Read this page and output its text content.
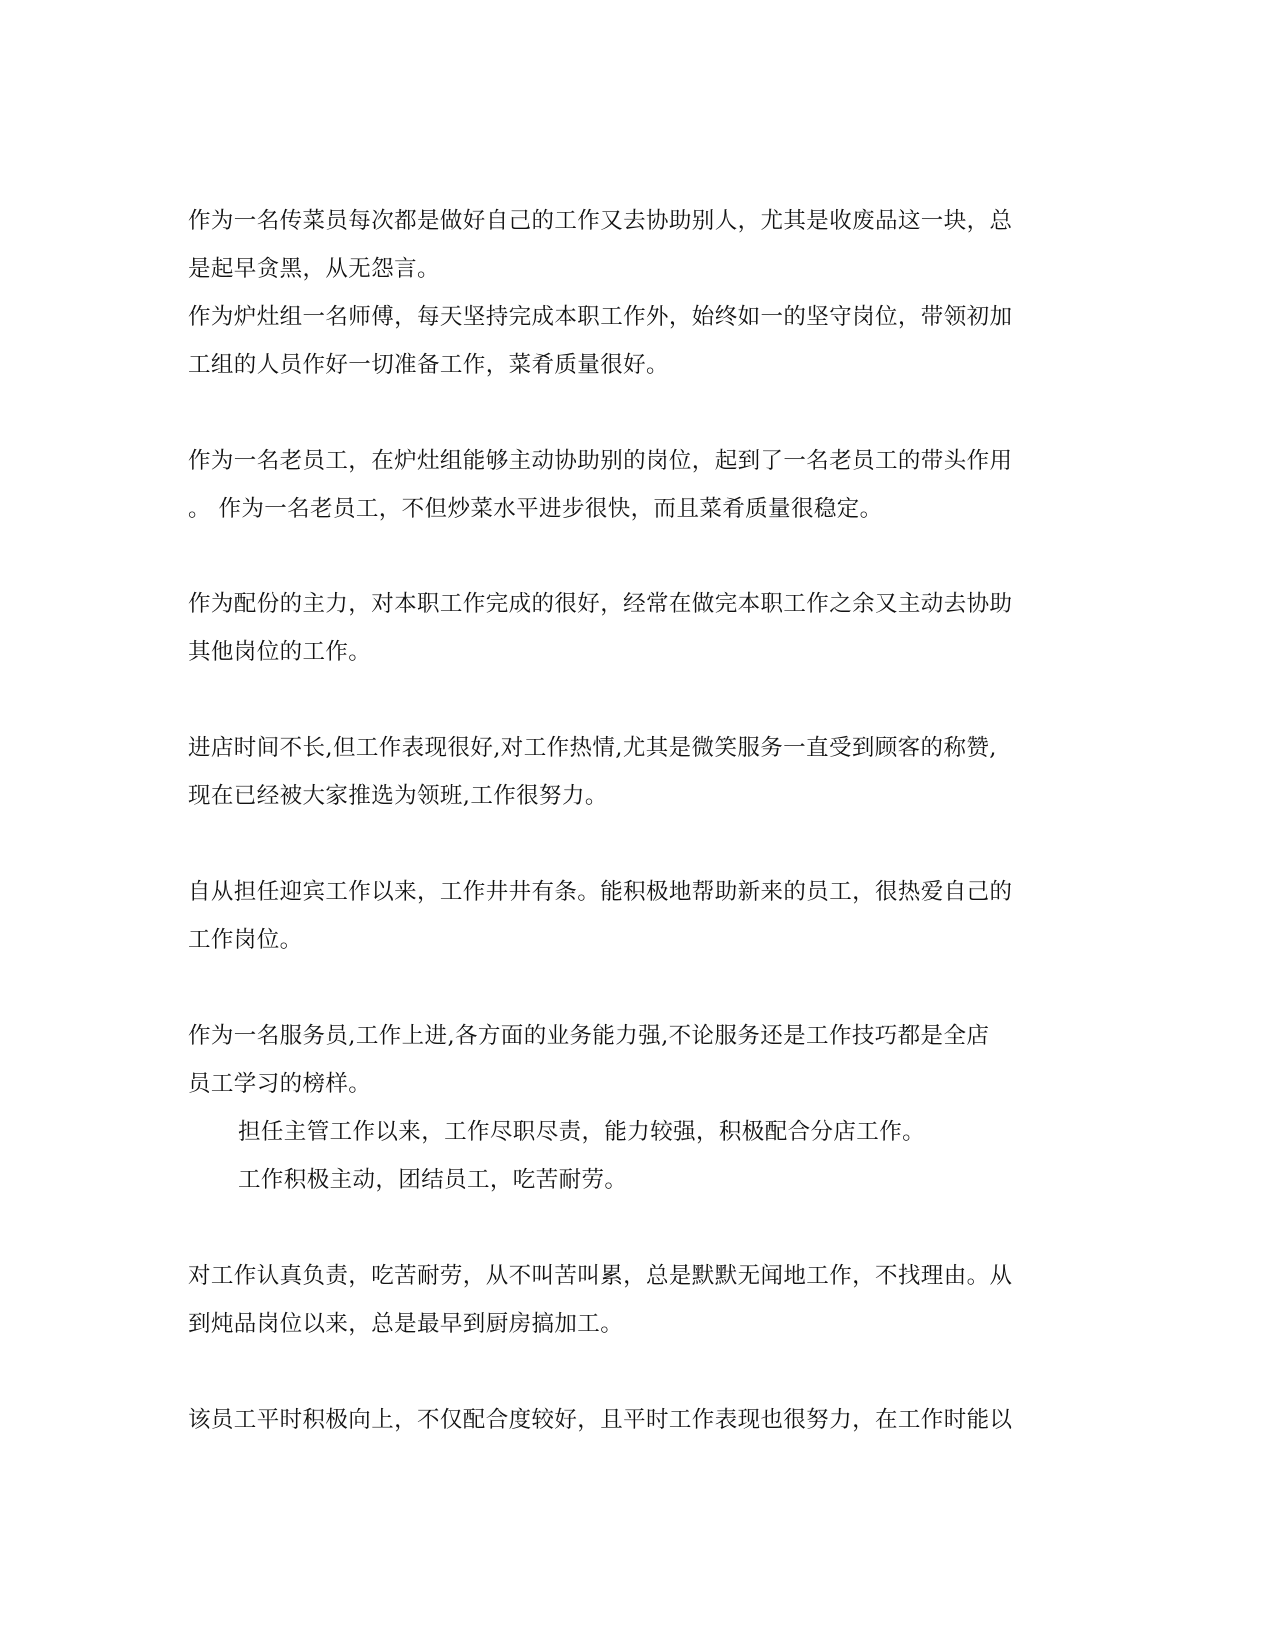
作为一名传菜员每次都是做好自己的工作又去协助别人，尤其是收废品这一块，总
是起早贪黑，从无怨言。
作为炉灶组一名师傅，每天坚持完成本职工作外，始终如一的坚守岗位，带领初加
工组的人员作好一切准备工作，菜肴质量很好。
作为一名老员工，在炉灶组能够主动协助别的岗位，起到了一名老员工的带头作用
。 作为一名老员工，不但炒菜水平进步很快，而且菜肴质量很稳定。
作为配份的主力，对本职工作完成的很好，经常在做完本职工作之余又主动去协助
其他岗位的工作。
进店时间不长,但工作表现很好,对工作热情,尤其是微笑服务一直受到顾客的称赞,
现在已经被大家推选为领班,工作很努力。
自从担任迎宾工作以来，工作井井有条。能积极地帮助新来的员工，很热爱自己的
工作岗位。
作为一名服务员,工作上进,各方面的业务能力强,不论服务还是工作技巧都是全店
员工学习的榜样。
担任主管工作以来，工作尽职尽责，能力较强，积极配合分店工作。
工作积极主动，团结员工，吃苦耐劳。
对工作认真负责，吃苦耐劳，从不叫苦叫累，总是默默无闻地工作，不找理由。从
到炖品岗位以来，总是最早到厨房搞加工。
该员工平时积极向上，不仅配合度较好，且平时工作表现也很努力，在工作时能以
